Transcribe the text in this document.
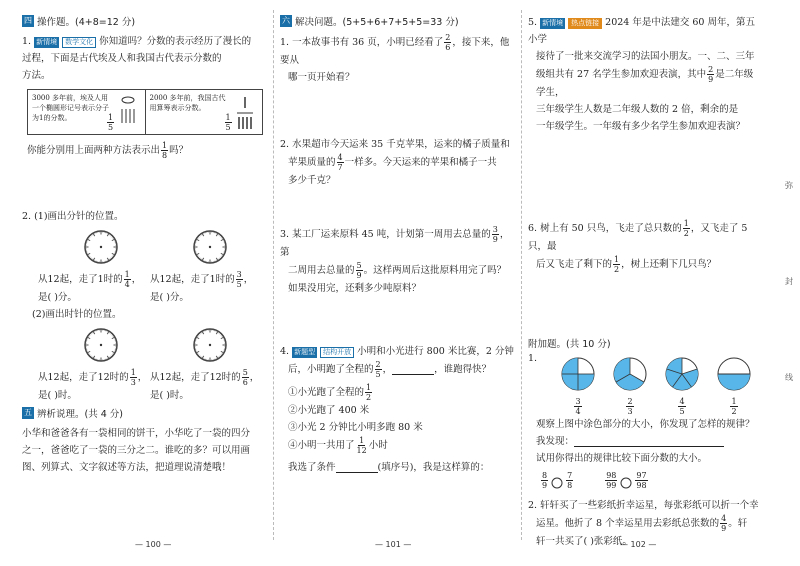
四 操作题。(4+8=12 分)

1. 新情境 数学文化 你知道吗？分数的表示经历了漫长的

过程，下面是古代埃及人和我国古代表示分数的

方法。

3000 多年前，埃及人用一个椭圆形记号表示分子为1的分数。	$\frac{1}{5}$
2000 多年前，我国古代用算筹表示分数。
$\frac{1}{5}$

你能分别用上面两种方法表示出 $\frac{1}{8}$ 吗？

2. (1)画出分针的位置。

从12起，走了1时的 $\frac{1}{4}$ ，

是( )分。

从12起，走了1时的 $\frac{3}{5}$ ，

是( )分。

(2)画出时针的位置。

从12起，走了12时的 $\frac{1}{3}$ ，

是( )时。

从12起，走了12时的 $\frac{5}{6}$ ，

是( )时。

五 辨析说理。(共 4 分)

小华和爸爸各有一袋相同的饼干，小华吃了一袋的四分

之一，爸爸吃了一袋的三分之二。谁吃的多？可以用画

图、列算式、文字叙述等方法，把道理说清楚哦！

六 解决问题。(5+5+6+7+5+5=33 分)

1. 一本故事书有 36 页，小明已经看了 $\frac{2}{6}$ ，接下来，他要从

哪一页开始看？

2. 水果超市今天运来 35 千克苹果，运来的橘子质量和

苹果质量的 $\frac{4}{7}$ 一样多。今天运来的苹果和橘子一共

多少千克？

3. 某工厂运来原料 45 吨，计划第一周用去总量的 $\frac{3}{9}$ ，第

二周用去总量的 $\frac{5}{9}$ 。这样两周后这批原料用完了吗？

如果没用完，还剩多少吨原料？

4. 新题型 结构开放 小明和小光进行 800 米比赛，2 分钟

后，小明跑了全程的 $\frac{2}{5}$ ，	，谁跑得快？

①小光跑了全程的 $\frac{1}{2}$

②小光跑了 400 米

③小光 2 分钟比小明多跑 80 米

④小明一共用了 $\frac{1}{12}$ 小时

我选了条件	(填序号)，我是这样算的：

5. 新情境 热点链接 2024 年是中法建交 60 周年，第五小学

接待了一批来交流学习的法国小朋友。一、二、三年

级组共有 27 名学生参加欢迎表演，其中 $\frac{2}{9}$ 是二年级学生，

三年级学生人数是二年级人数的 2 倍，剩余的是

一年级学生。一年级有多少名学生参加欢迎表演？

6. 树上有 50 只鸟，飞走了总只数的 $\frac{1}{2}$ ，又飞走了 5 只，最

后又飞走了剩下的 $\frac{1}{2}$ ，树上还剩下几只鸟？

附加题。(共 10 分)

1.
3
4
2
3
4
5
1
2

观察上图中涂色部分的大小，你发现了怎样的规律？

我发现：

试用你得出的规律比较下面分数的大小。

$\frac{8}{9} \frac{7}{8}$	$\frac{98}{99} \frac{97}{98}$

2. 轩轩买了一些彩纸折幸运星，每张彩纸可以折一个幸

运星。他折了 8 个幸运星用去彩纸总张数的 $\frac{4}{9}$ 。轩

轩一共买了( )张彩纸。

弥
封
线
— 100 —	— 101 —	— 102 —
